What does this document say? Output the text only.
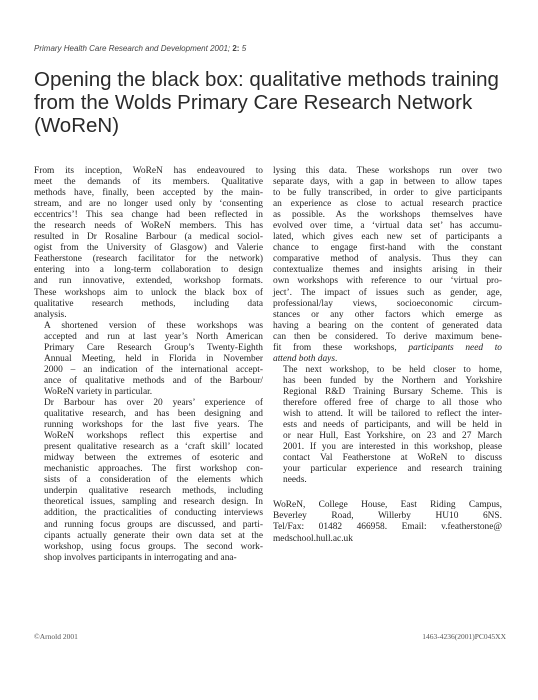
Primary Health Care Research and Development 2001; 2: 5
Opening the black box: qualitative methods training from the Wolds Primary Care Research Network (WoReN)

From its inception, WoReN has endeavoured to
meet the demands of its members. Qualitative
methods have, finally, been accepted by the main-
stream, and are no longer used only by ‘consenting
eccentrics’! This sea change had been reflected in
the research needs of WoReN members. This has
resulted in Dr Rosaline Barbour (a medical sociol-
ogist from the University of Glasgow) and Valerie
Featherstone (research facilitator for the network)
entering into a long-term collaboration to design
and run innovative, extended, workshop formats.
These workshops aim to unlock the black box of
qualitative research methods, including data
analysis.

A shortened version of these workshops was
accepted and run at last year’s North American
Primary Care Research Group’s Twenty-Eighth
Annual Meeting, held in Florida in November
2000 – an indication of the international accept-
ance of qualitative methods and of the Barbour/
WoReN variety in particular.

Dr Barbour has over 20 years’ experience of
qualitative research, and has been designing and
running workshops for the last five years. The
WoReN workshops reflect this expertise and
present qualitative research as a ‘craft skill’ located
midway between the extremes of esoteric and
mechanistic approaches. The first workshop con-
sists of a consideration of the elements which
underpin qualitative research methods, including
theoretical issues, sampling and research design. In
addition, the practicalities of conducting interviews
and running focus groups are discussed, and parti-
cipants actually generate their own data set at the
workshop, using focus groups. The second work-
shop involves participants in interrogating and ana-

lysing this data. These workshops run over two
separate days, with a gap in between to allow tapes
to be fully transcribed, in order to give participants
an experience as close to actual research practice
as possible. As the workshops themselves have
evolved over time, a ‘virtual data set’ has accumu-
lated, which gives each new set of participants a
chance to engage first-hand with the constant
comparative method of analysis. Thus they can
contextualize themes and insights arising in their
own workshops with reference to our ‘virtual pro-
ject’. The impact of issues such as gender, age,
professional/lay views, socioeconomic circum-
stances or any other factors which emerge as
having a bearing on the content of generated data
can then be considered. To derive maximum bene-
fit from these workshops, participants need to
attend both days.

The next workshop, to be held closer to home,
has been funded by the Northern and Yorkshire
Regional R&D Training Bursary Scheme. This is
therefore offered free of charge to all those who
wish to attend. It will be tailored to reflect the inter-
ests and needs of participants, and will be held in
or near Hull, East Yorkshire, on 23 and 27 March
2001. If you are interested in this workshop, please
contact Val Featherstone at WoReN to discuss
your particular experience and research training
needs.

WoReN, College House, East Riding Campus,
Beverley Road, Willerby HU10 6NS.
Tel/Fax: 01482 466958. Email: v.featherstone@
medschool.hull.ac.uk

©Arnold 2001	1463-4236(2001)PC045XX
